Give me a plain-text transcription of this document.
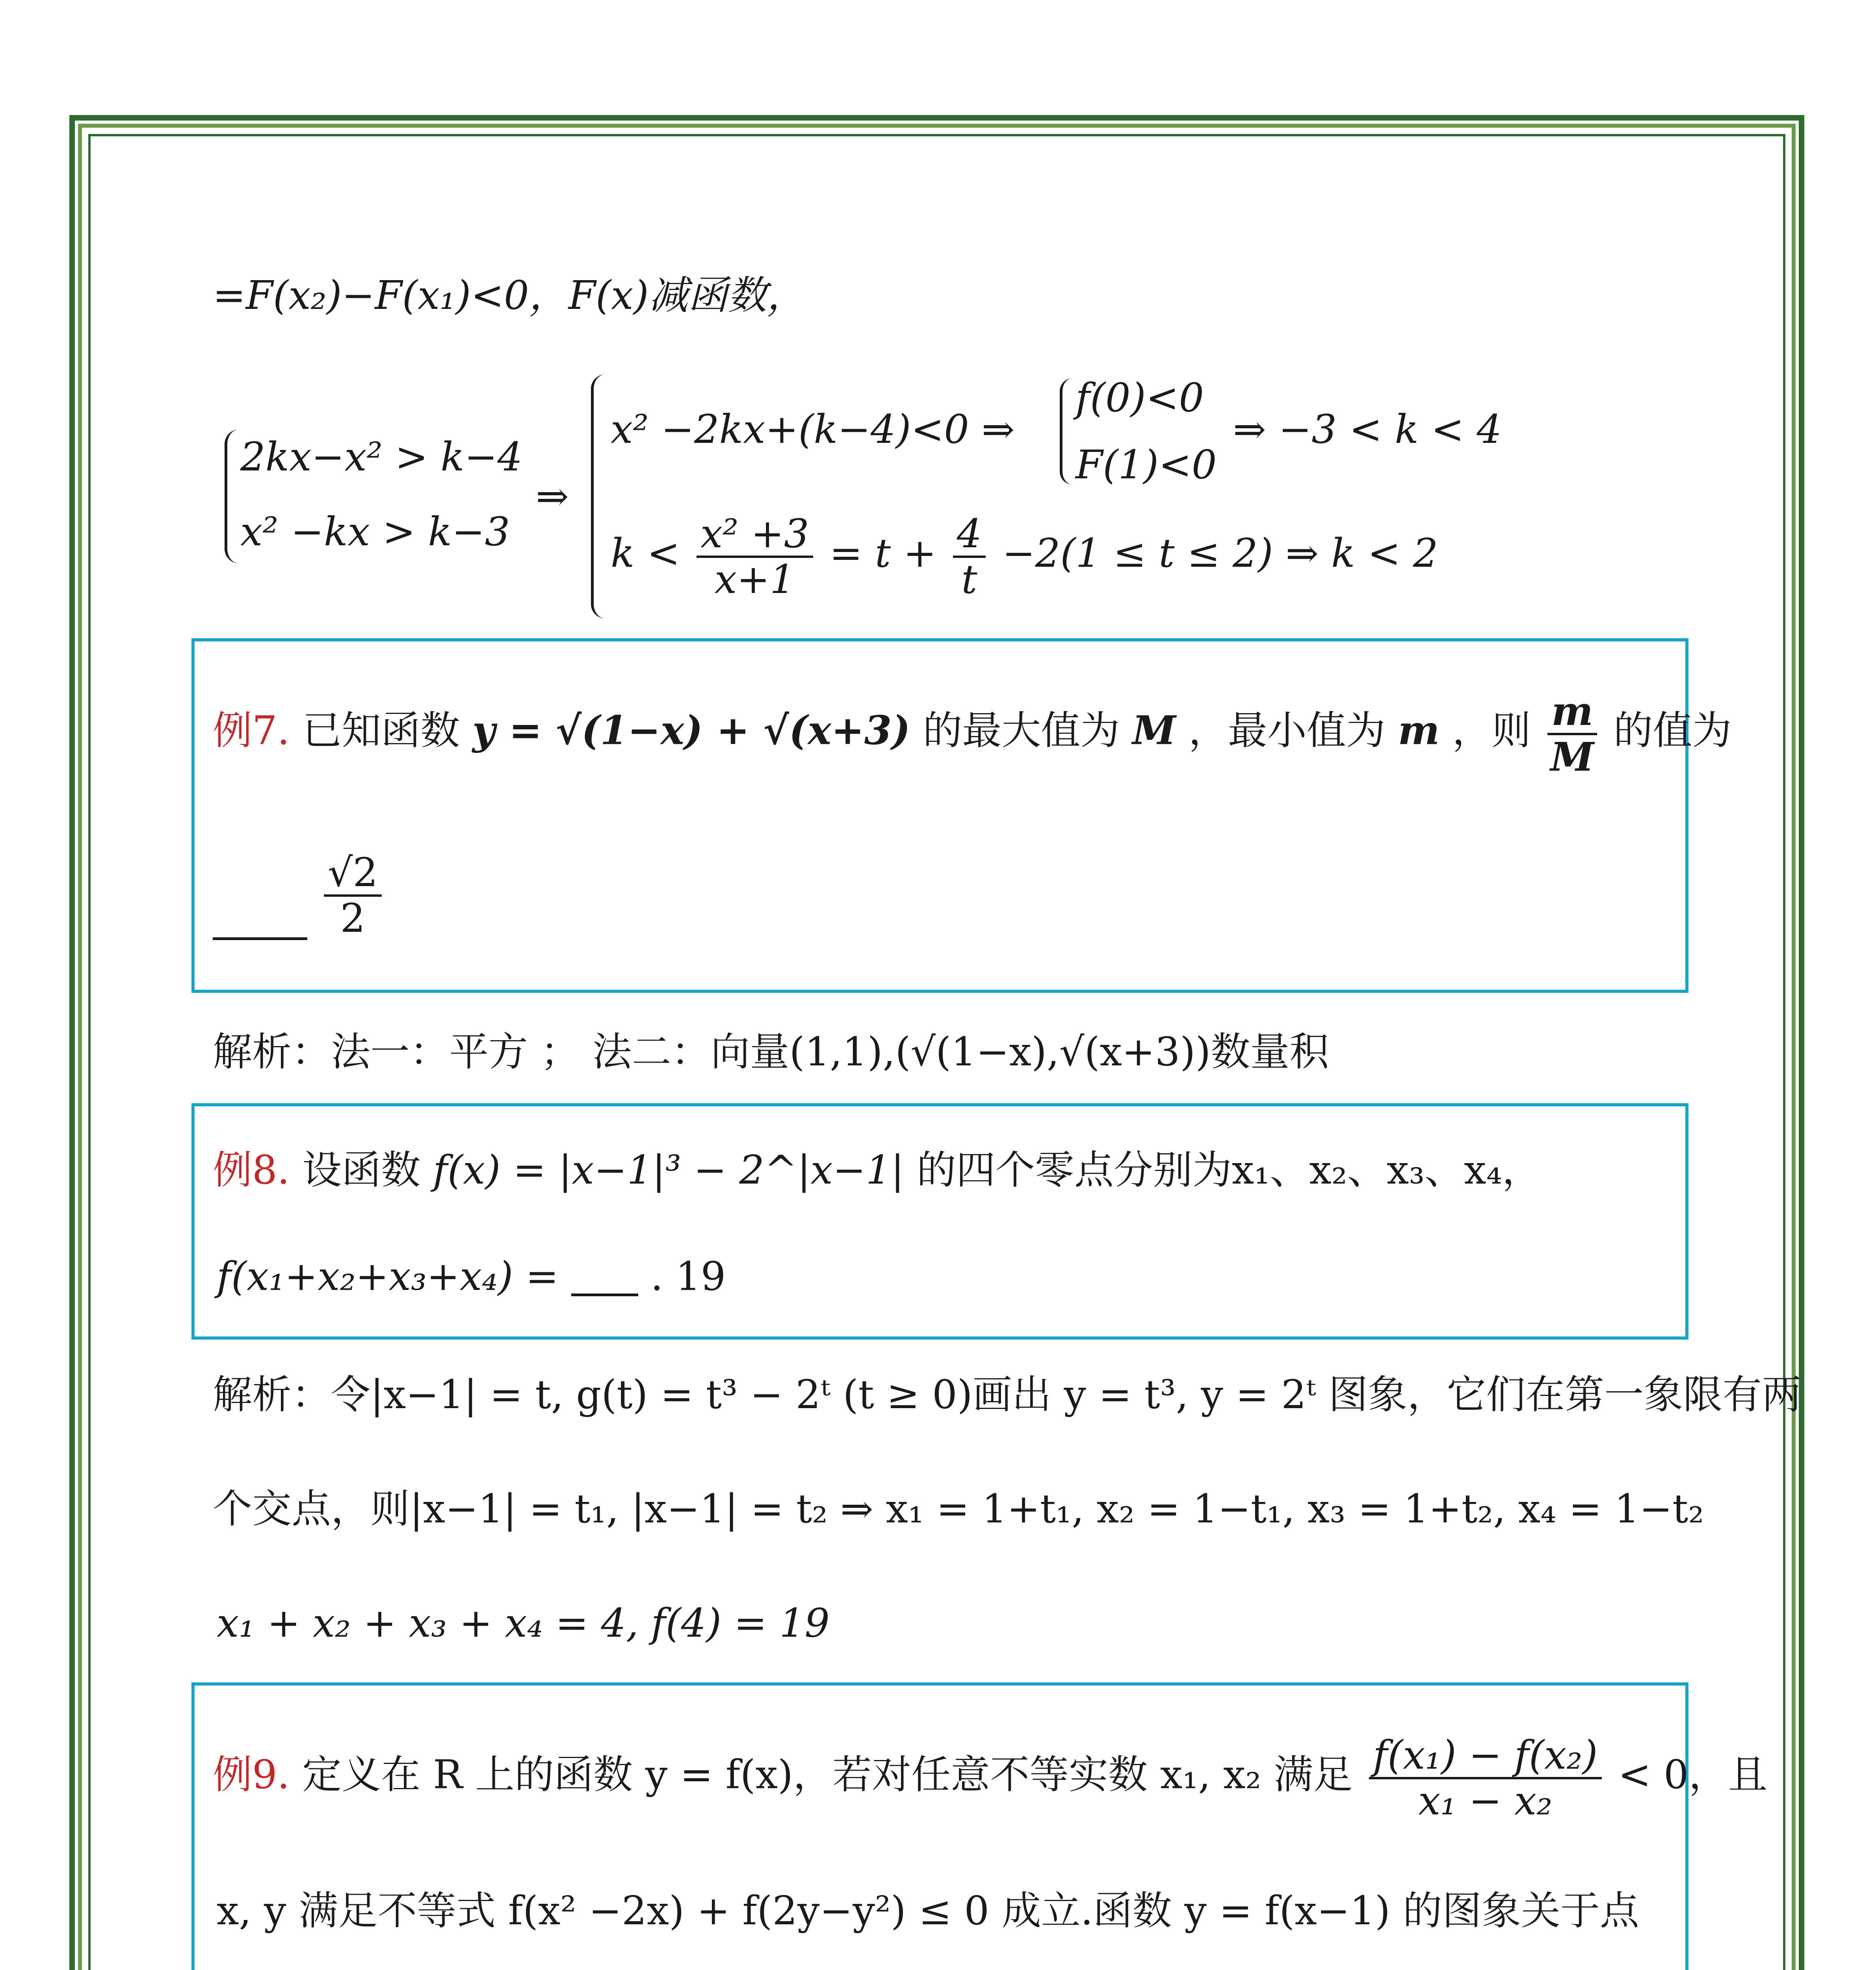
=F(x₂)−F(x₁)<0，F(x)减函数，
2kx−x² > k−4
x² −kx > k−3
⇒
x² −2kx+(k−4)<0 ⇒
f(0)<0
F(1)<0
⇒ −3 < k < 4
$k < \frac{\text{x² +3}}{x+1} = t + \frac{4}{t} -2(1 \le t \le 2)$ ⇒ k < 2
例7. 已知函数 y = √(1−x) + √(x+3) 的最大值为 M ，最小值为 m ，则 $\frac{m}{M}$ 的值为

$\frac{√2}{2}$
解析：法一：平方 ； 法二：向量(1,1),(√(1−x),√(x+3))数量积
例8. 设函数 f(x) = |x−1|³ − 2^|x−1| 的四个零点分别为x₁、x₂、x₃、x₄，
f(x₁+x₂+x₃+x₄) = . 19
解析：令|x−1| = t, g(t) = t³ − 2ᵗ (t ≥ 0)画出 y = t³, y = 2ᵗ 图象，它们在第一象限有两
个交点，则|x−1| = t₁, |x−1| = t₂ ⇒ x₁ = 1+t₁, x₂ = 1−t₁, x₃ = 1+t₂, x₄ = 1−t₂
x₁ + x₂ + x₃ + x₄ = 4, f(4) = 19
例9. 定义在 R 上的函数 y = f(x)，若对任意不等实数 x₁, x₂ 满足 $\frac{\text{f(x₁) − f(x₂)}}{\text{x₁ − x₂}} < 0$，且
x, y 满足不等式 f(x² −2x) + f(2y−y²) ≤ 0 成立.函数 y = f(x−1) 的图象关于点
